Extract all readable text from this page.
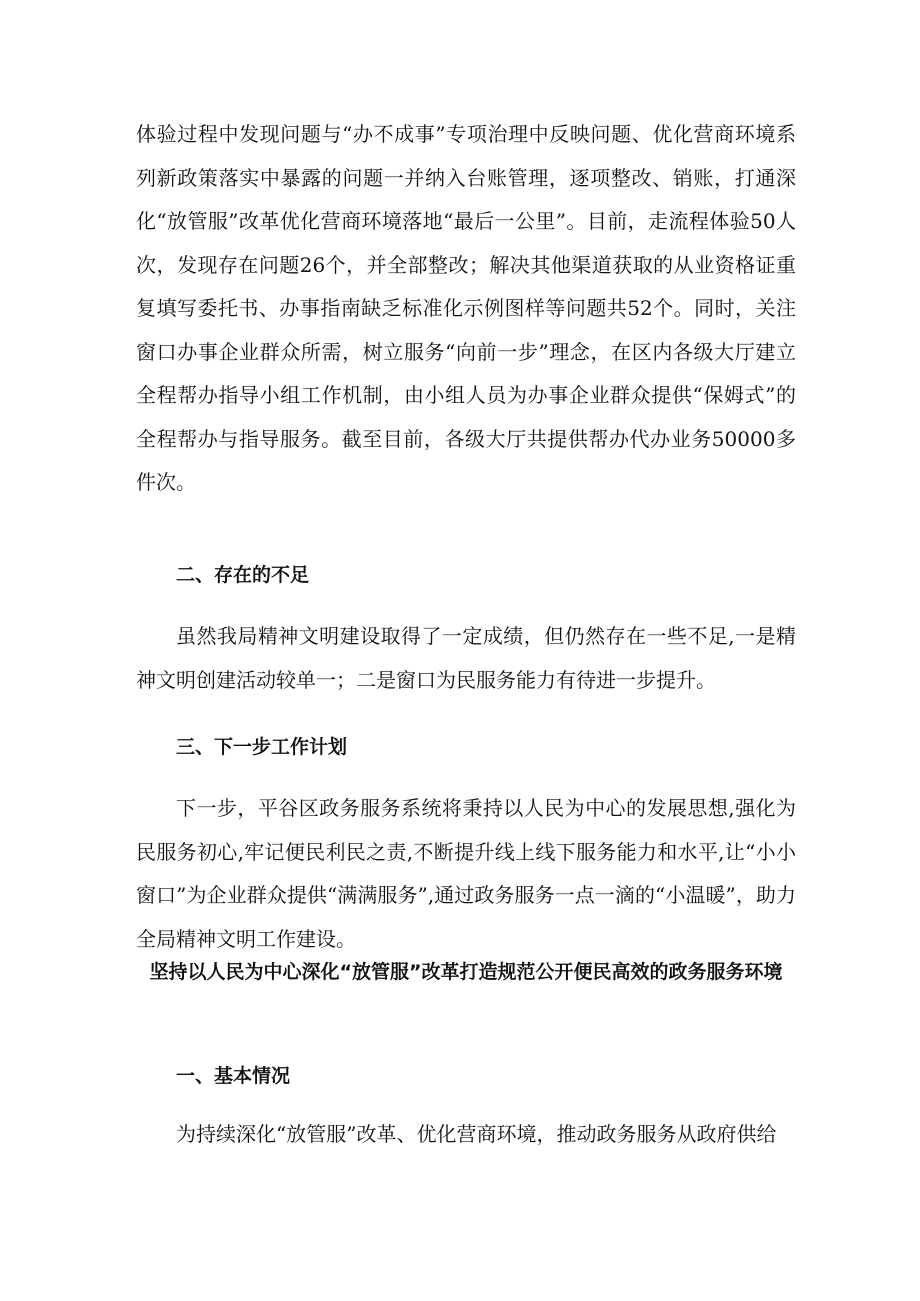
体验过程中发现问题与“办不成事”专项治理中反映问题、优化营商环境系列新政策落实中暴露的问题一并纳入台账管理，逐项整改、销账，打通深化“放管服”改革优化营商环境落地“最后一公里”。目前，走流程体验50人次，发现存在问题26个，并全部整改；解决其他渠道获取的从业资格证重复填写委托书、办事指南缺乏标准化示例图样等问题共52个。同时，关注窗口办事企业群众所需，树立服务“向前一步”理念，在区内各级大厅建立全程帮办指导小组工作机制，由小组人员为办事企业群众提供“保姆式”的全程帮办与指导服务。截至目前，各级大厅共提供帮办代办业务50000多件次。

二、存在的不足

虽然我局精神文明建设取得了一定成绩，但仍然存在一些不足,一是精神文明创建活动较单一；二是窗口为民服务能力有待进一步提升。

三、下一步工作计划

下一步，平谷区政务服务系统将秉持以人民为中心的发展思想,强化为民服务初心,牢记便民利民之责,不断提升线上线下服务能力和水平,让“小小窗口”为企业群众提供“满满服务”,通过政务服务一点一滴的“小温暖”，助力全局精神文明工作建设。

坚持以人民为中心深化“放管服”改革打造规范公开便民高效的政务服务环境
一、基本情况

为持续深化“放管服”改革、优化营商环境，推动政务服务从政府供给
